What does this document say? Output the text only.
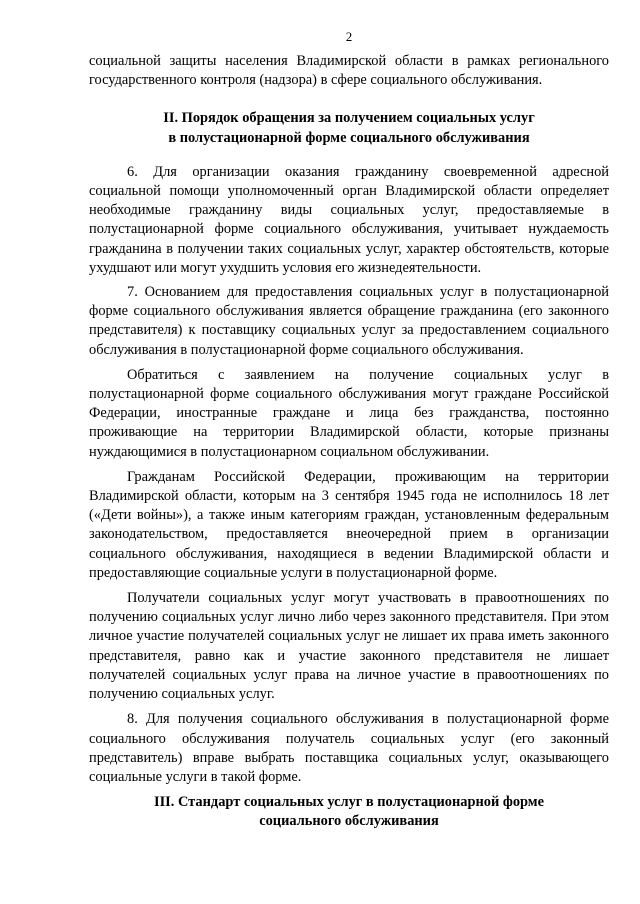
2

социальной защиты населения Владимирской области в рамках регионального государственного контроля (надзора) в сфере социального обслуживания.

II. Порядок обращения за получением социальных услуг
в полустационарной форме социального обслуживания

6. Для организации оказания гражданину своевременной адресной социальной помощи уполномоченный орган Владимирской области определяет необходимые гражданину виды социальных услуг, предоставляемые в полустационарной форме социального обслуживания, учитывает нуждаемость гражданина в получении таких социальных услуг, характер обстоятельств, которые ухудшают или могут ухудшить условия его жизнедеятельности.

7. Основанием для предоставления социальных услуг в полустационарной форме социального обслуживания является обращение гражданина (его законного представителя) к поставщику социальных услуг за предоставлением социального обслуживания в полустационарной форме социального обслуживания.

Обратиться с заявлением на получение социальных услуг в полустационарной форме социального обслуживания могут граждане Российской Федерации, иностранные граждане и лица без гражданства, постоянно проживающие на территории Владимирской области, которые признаны нуждающимися в полустационарном социальном обслуживании.

Гражданам Российской Федерации, проживающим на территории Владимирской области, которым на 3 сентября 1945 года не исполнилось 18 лет («Дети войны»), а также иным категориям граждан, установленным федеральным законодательством, предоставляется внеочередной прием в организации социального обслуживания, находящиеся в ведении Владимирской области и предоставляющие социальные услуги в полустационарной форме.

Получатели социальных услуг могут участвовать в правоотношениях по получению социальных услуг лично либо через законного представителя. При этом личное участие получателей социальных услуг не лишает их права иметь законного представителя, равно как и участие законного представителя не лишает получателей социальных услуг права на личное участие в правоотношениях по получению социальных услуг.

8. Для получения социального обслуживания в полустационарной форме социального обслуживания получатель социальных услуг (его законный представитель) вправе выбрать поставщика социальных услуг, оказывающего социальные услуги в такой форме.

III. Стандарт социальных услуг в полустационарной форме
социального обслуживания
